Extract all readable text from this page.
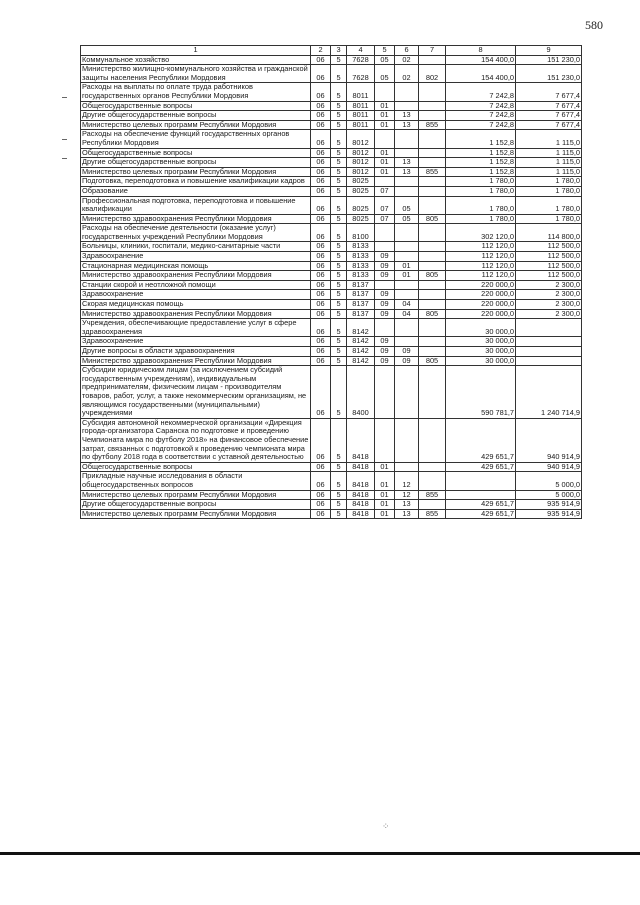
580
1	2	3	4	5	6	7	8	9
Коммунальное хозяйство	06	5	7628	05	02		154 400,0	151 230,0
Министерство жилищно-коммунального хозяйства и гражданской защиты населения Республики Мордовия	06	5	7628	05	02	802	154 400,0	151 230,0
Расходы на выплаты по оплате труда работников государственных органов Республики Мордовия	06	5	8011				7 242,8	7 677,4
Общегосударственные вопросы	06	5	8011	01			7 242,8	7 677,4
Другие общегосударственные вопросы	06	5	8011	01	13		7 242,8	7 677,4
Министерство целевых программ Республики Мордовия	06	5	8011	01	13	855	7 242,8	7 677,4
Расходы на обеспечение функций государственных органов Республики Мордовия	06	5	8012				1 152,8	1 115,0
Общегосударственные вопросы	06	5	8012	01			1 152,8	1 115,0
Другие общегосударственные вопросы	06	5	8012	01	13		1 152,8	1 115,0
Министерство целевых программ Республики Мордовия	06	5	8012	01	13	855	1 152,8	1 115,0
Подготовка, переподготовка и повышение квалификации кадров	06	5	8025				1 780,0	1 780,0
Образование	06	5	8025	07			1 780,0	1 780,0
Профессиональная подготовка, переподготовка и повышение квалификации	06	5	8025	07	05		1 780,0	1 780,0
Министерство здравоохранения Республики Мордовия	06	5	8025	07	05	805	1 780,0	1 780,0
Расходы на обеспечение деятельности (оказание услуг) государственных учреждений Республики Мордовия	06	5	8100				302 120,0	114 800,0
Больницы, клиники, госпитали, медико-санитарные части	06	5	8133				112 120,0	112 500,0
Здравоохранение	06	5	8133	09			112 120,0	112 500,0
Стационарная медицинская помощь	06	5	8133	09	01		112 120,0	112 500,0
Министерство здравоохранения Республики Мордовия	06	5	8133	09	01	805	112 120,0	112 500,0
Станции скорой и неотложной помощи	06	5	8137				220 000,0	2 300,0
Здравоохранение	06	5	8137	09			220 000,0	2 300,0
Скорая медицинская помощь	06	5	8137	09	04		220 000,0	2 300,0
Министерство здравоохранения Республики Мордовия	06	5	8137	09	04	805	220 000,0	2 300,0
Учреждения, обеспечивающие предоставление услуг в сфере здравоохранения	06	5	8142				30 000,0	
Здравоохранение	06	5	8142	09			30 000,0	
Другие вопросы в области здравоохранения	06	5	8142	09	09		30 000,0	
Министерство здравоохранения Республики Мордовия	06	5	8142	09	09	805	30 000,0	
Субсидии юридическим лицам (за исключением субсидий государственным учреждениям), индивидуальным предпринимателям, физическим лицам - производителям товаров, работ, услуг, а также некоммерческим организациям, не являющимся государственными (муниципальными) учреждениями	06	5	8400				590 781,7	1 240 714,9
Субсидия автономной некоммерческой организации «Дирекция города-организатора Саранска по подготовке и проведению Чемпионата мира по футболу 2018» на финансовое обеспечение затрат, связанных с подготовкой к проведению чемпионата мира по футболу 2018 года в соответствии с уставной деятельностью	06	5	8418				429 651,7	940 914,9
Общегосударственные вопросы	06	5	8418	01			429 651,7	940 914,9
Прикладные научные исследования в области общегосударственных вопросов	06	5	8418	01	12			5 000,0
Министерство целевых программ Республики Мордовия	06	5	8418	01	12	855		5 000,0
Другие общегосударственные вопросы	06	5	8418	01	13		429 651,7	935 914,9
Министерство целевых программ Республики Мордовия	06	5	8418	01	13	855	429 651,7	935 914,9
⁘
